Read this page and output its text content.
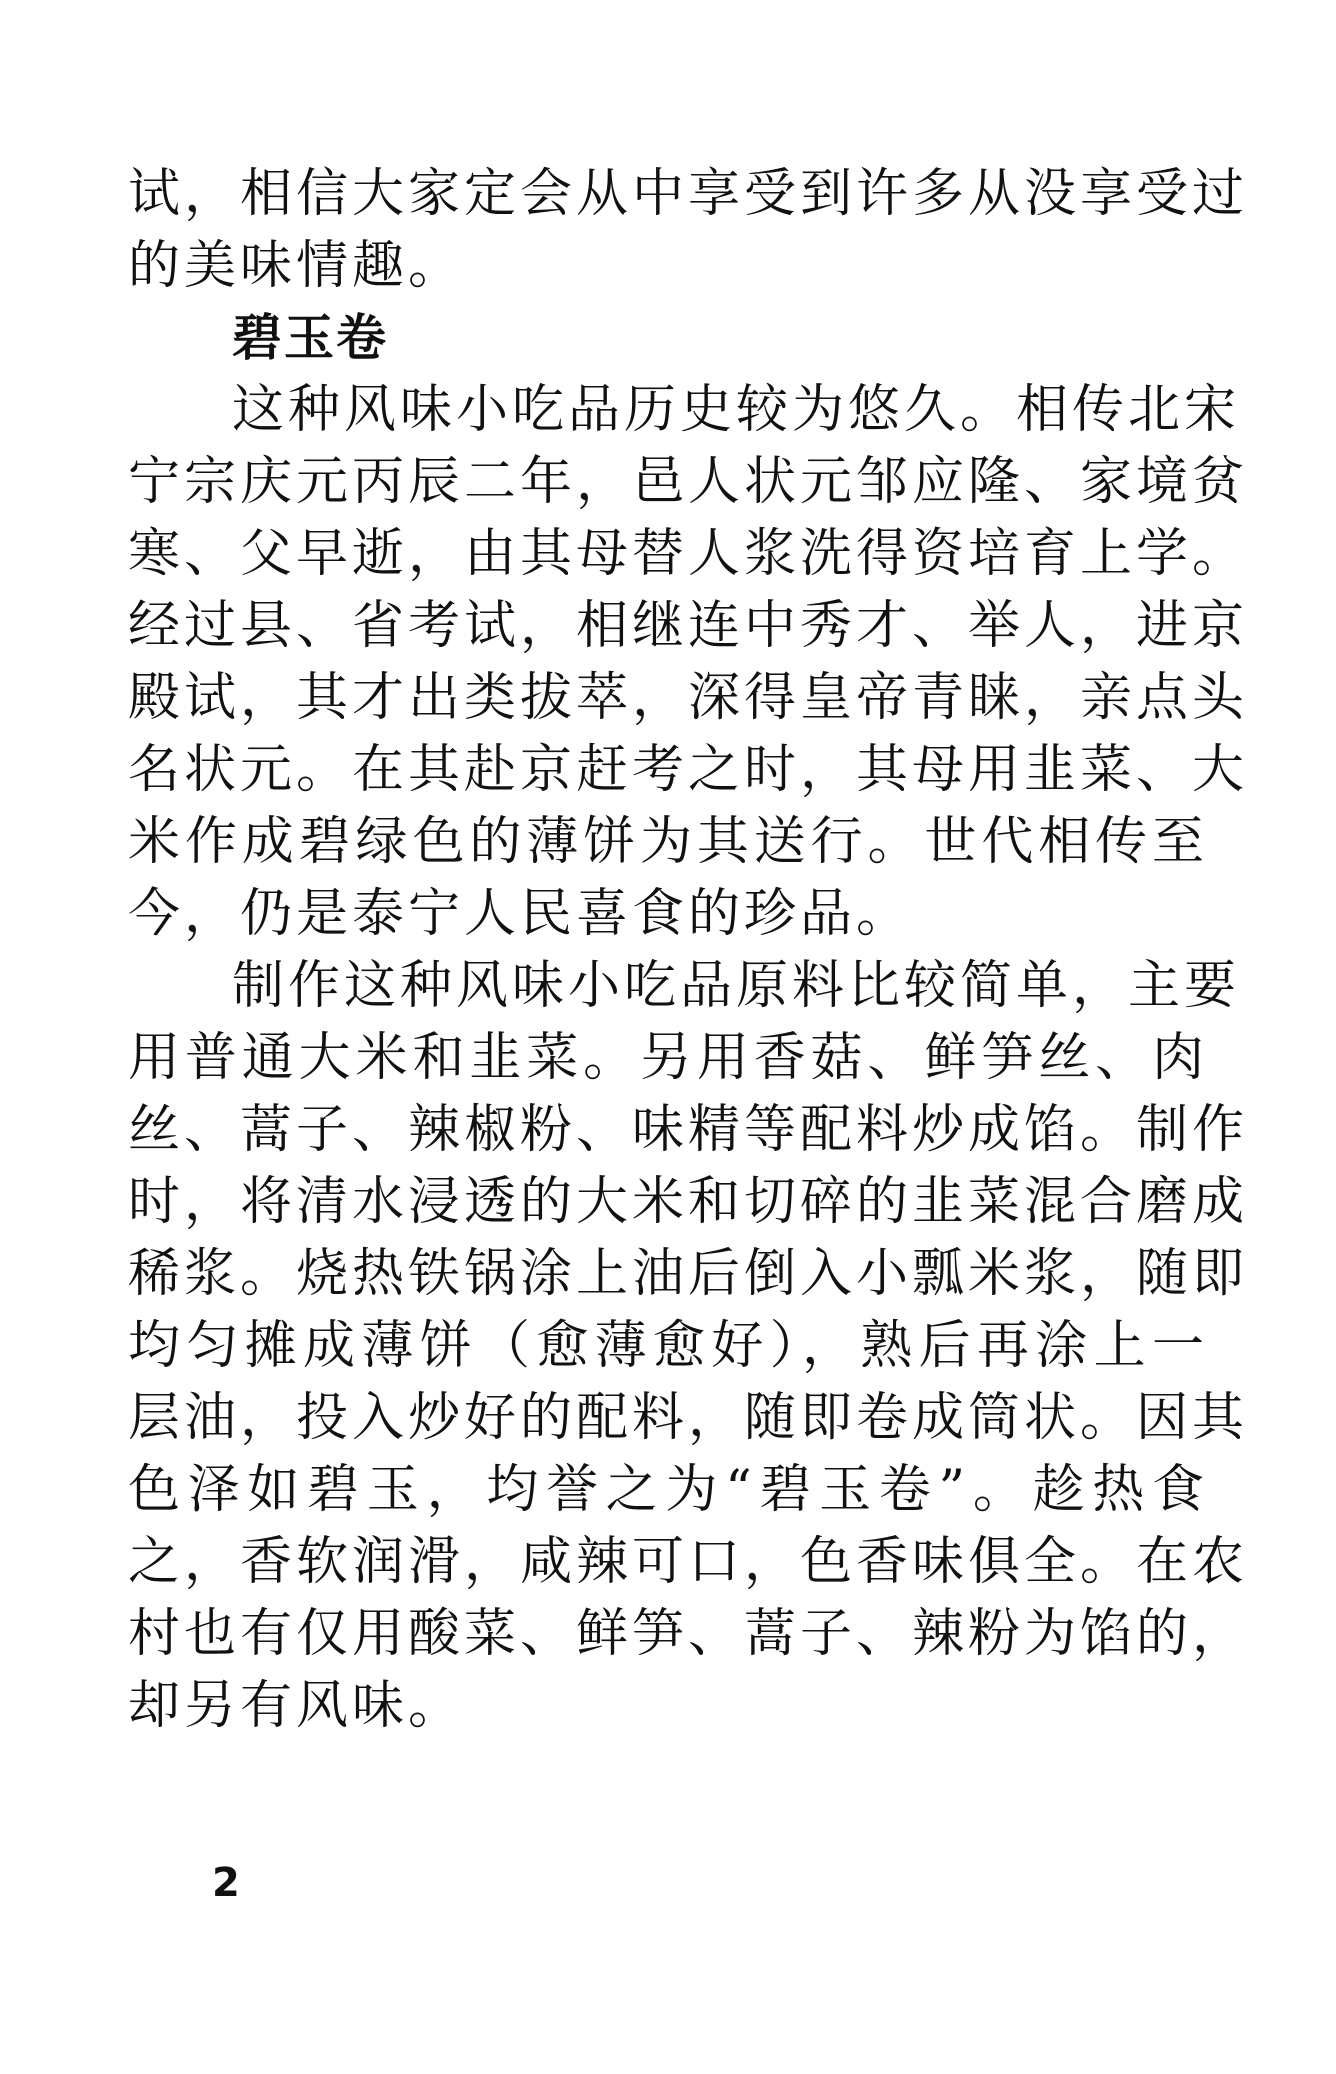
试，相信大家定会从中享受到许多从没享受过
的美味情趣。
碧玉卷
这种风味小吃品历史较为悠久。相传北宋
宁宗庆元丙辰二年，邑人状元邹应隆、家境贫
寒、父早逝，由其母替人浆洗得资培育上学。
经过县、省考试，相继连中秀才、举人，进京
殿试，其才出类拔萃，深得皇帝青睐，亲点头
名状元。在其赴京赶考之时，其母用韭菜、大
米作成碧绿色的薄饼为其送行。世代相传至
今，仍是泰宁人民喜食的珍品。
制作这种风味小吃品原料比较简单，主要
用普通大米和韭菜。另用香菇、鲜笋丝、肉
丝、蒿子、辣椒粉、味精等配料炒成馅。制作
时，将清水浸透的大米和切碎的韭菜混合磨成
稀浆。烧热铁锅涂上油后倒入小瓢米浆，随即
均匀摊成薄饼（愈薄愈好），熟后再涂上一
层油，投入炒好的配料，随即卷成筒状。因其
色泽如碧玉，均誉之为“碧玉卷”。趁热食
之，香软润滑，咸辣可口，色香味俱全。在农
村也有仅用酸菜、鲜笋、蒿子、辣粉为馅的，
却另有风味。
2
